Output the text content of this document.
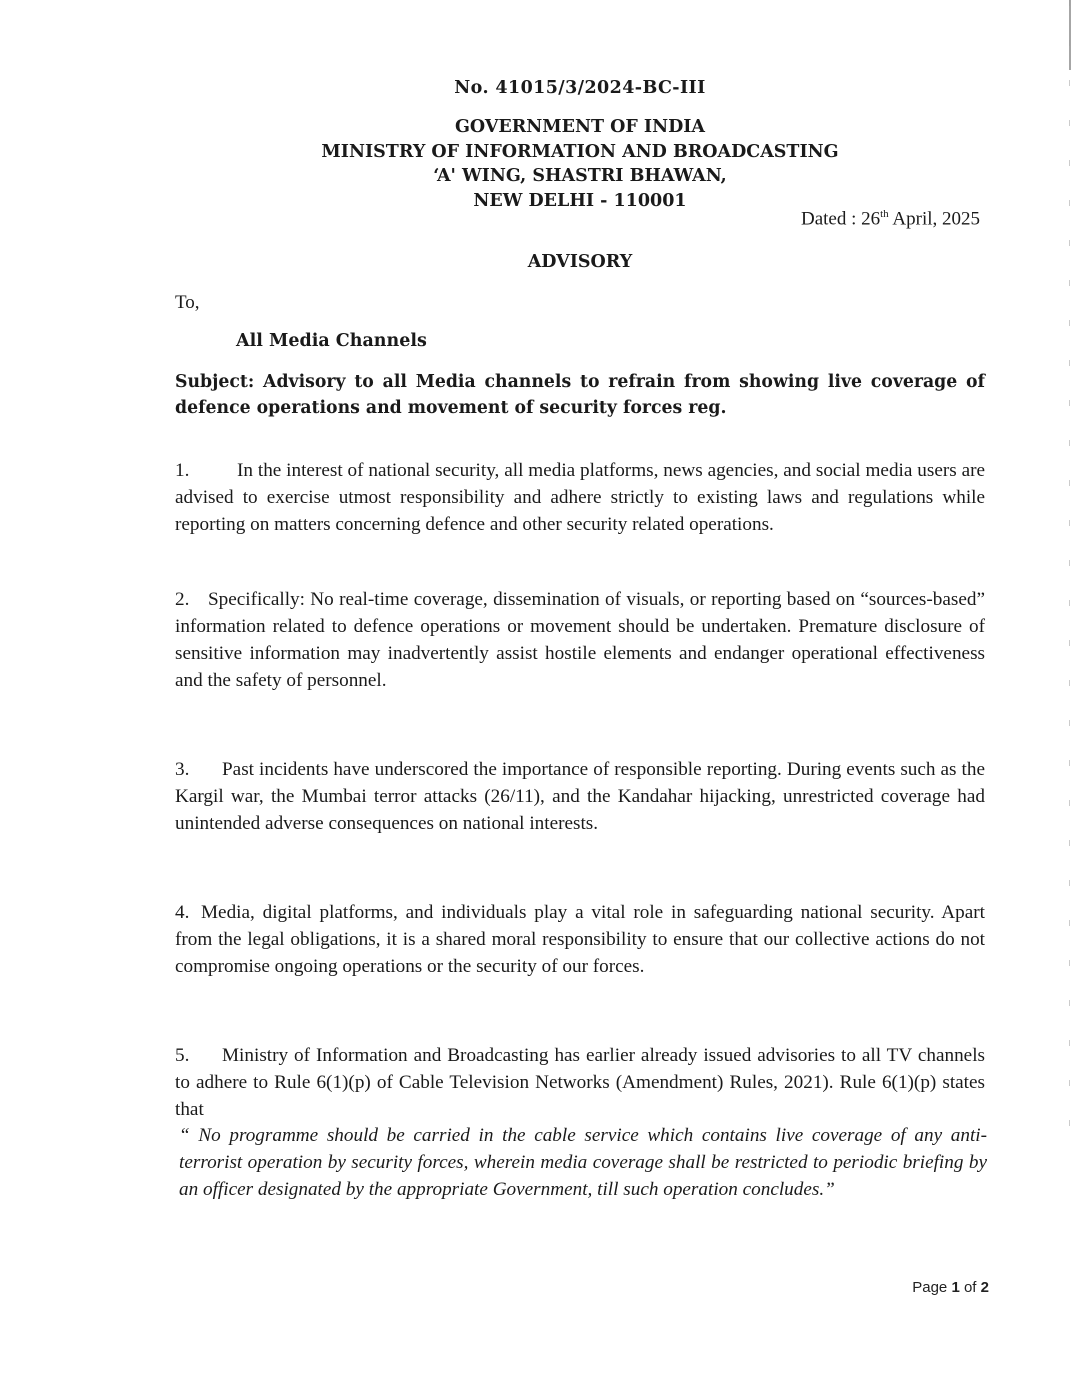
No. 41015/3/2024-BC-III
GOVERNMENT OF INDIA
MINISTRY OF INFORMATION AND BROADCASTING
‘A' WING, SHASTRI BHAWAN,
NEW DELHI - 110001
Dated : 26th April, 2025
ADVISORY
To,
All Media Channels
Subject: Advisory to all Media channels to refrain from showing live coverage of defence operations and movement of security forces reg.
1. In the interest of national security, all media platforms, news agencies, and social media users are advised to exercise utmost responsibility and adhere strictly to existing laws and regulations while reporting on matters concerning defence and other security related operations.
2. Specifically: No real-time coverage, dissemination of visuals, or reporting based on “sources-based” information related to defence operations or movement should be undertaken. Premature disclosure of sensitive information may inadvertently assist hostile elements and endanger operational effectiveness and the safety of personnel.
3. Past incidents have underscored the importance of responsible reporting. During events such as the Kargil war, the Mumbai terror attacks (26/11), and the Kandahar hijacking, unrestricted coverage had unintended adverse consequences on national interests.
4. Media, digital platforms, and individuals play a vital role in safeguarding national security. Apart from the legal obligations, it is a shared moral responsibility to ensure that our collective actions do not compromise ongoing operations or the security of our forces.
5. Ministry of Information and Broadcasting has earlier already issued advisories to all TV channels to adhere to Rule 6(1)(p) of Cable Television Networks (Amendment) Rules, 2021). Rule 6(1)(p) states that
“ No programme should be carried in the cable service which contains live coverage of any anti-terrorist operation by security forces, wherein media coverage shall be restricted to periodic briefing by an officer designated by the appropriate Government, till such operation concludes.”
Page 1 of 2
